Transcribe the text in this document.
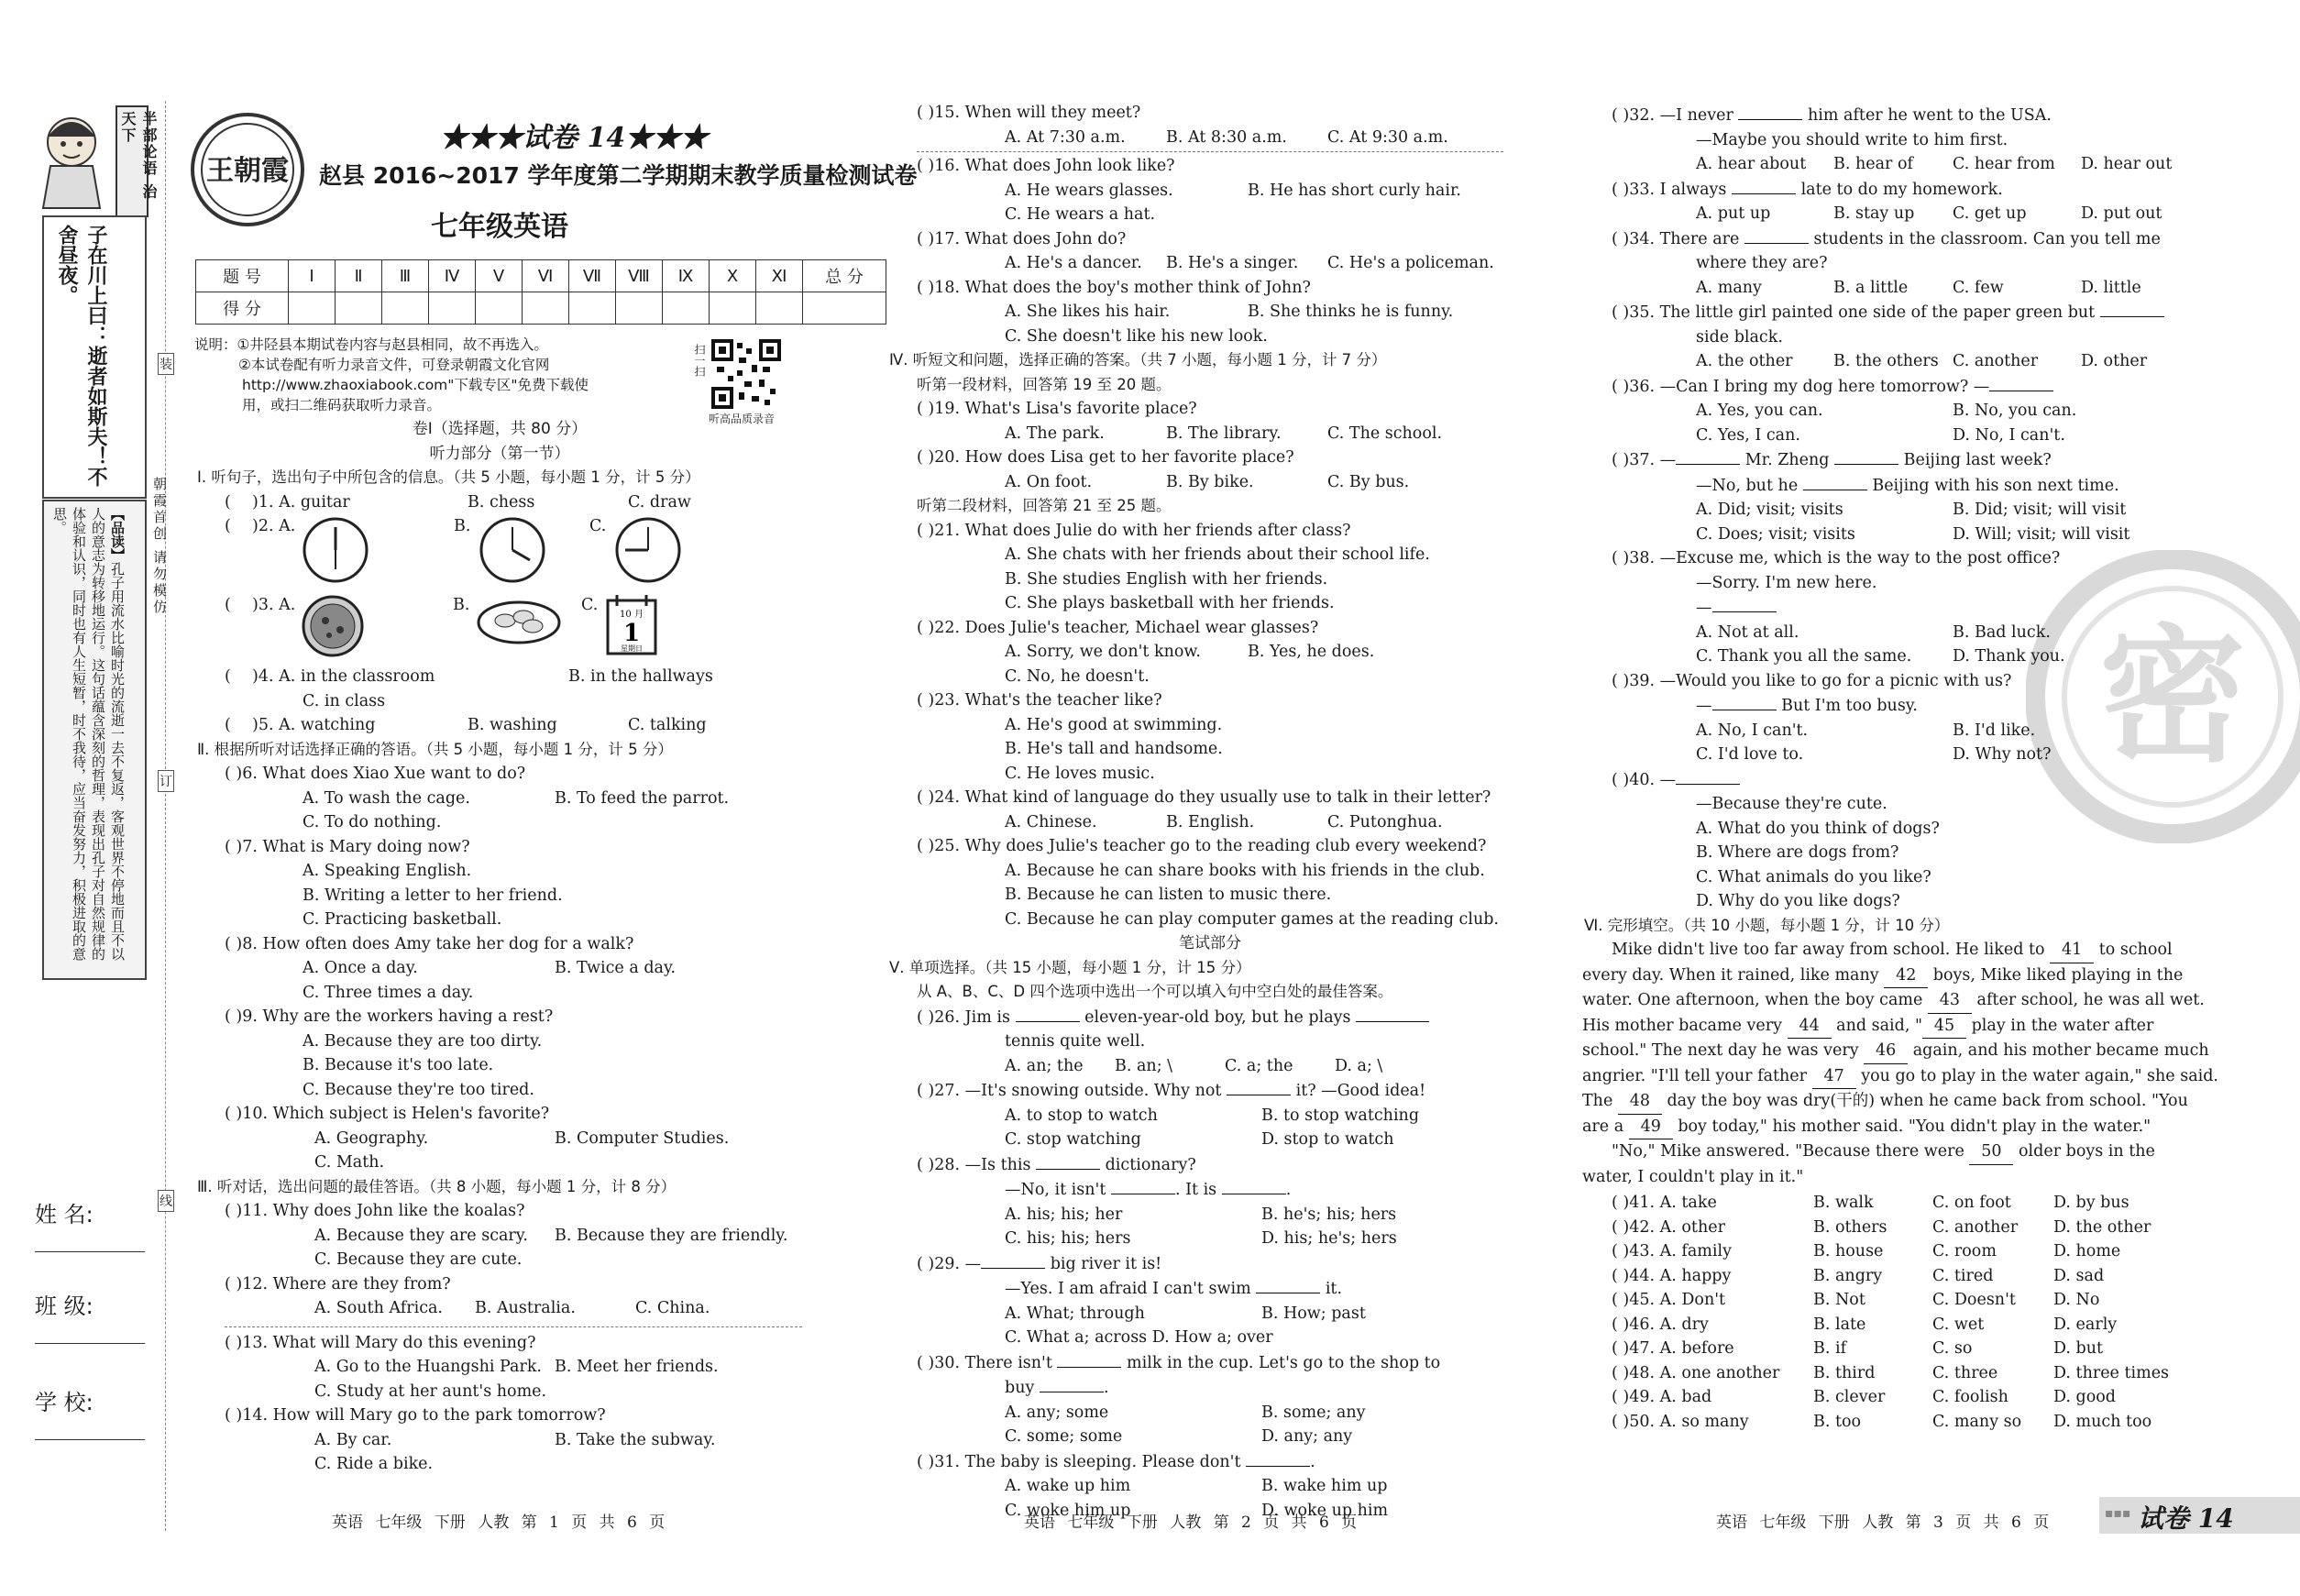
半部论语 治天下
子在川上曰：逝者如斯夫！不舍昼夜。
【品读】孔子用流水比喻时光的流逝一去不复返，客观世界不停地而且不以人的意志为转移地运行。这句话蕴含深刻的哲理，表现出孔子对自然规律的体验和认识，同时也有人生短暂，时不我待，应当奋发努力，积极进取的意思。
姓 名:
班 级:
学 校:
装
订
线
朝霞首创 请勿模仿
王朝霞
★★★试卷 14★★★
赵县 2016~2017 学年度第二学期期末教学质量检测试卷
七年级英语
题 号	Ⅰ	Ⅱ	Ⅲ	Ⅳ	Ⅴ	Ⅵ	Ⅶ	Ⅷ	Ⅸ	Ⅹ	Ⅺ	总 分
得 分												
说明：①井陉县本期试卷内容与赵县相同，故不再选入。
②本试卷配有听力录音文件，可登录朝霞文化官网
http://www.zhaoxiabook.com"下载专区"免费下载使
用，或扫二维码获取听力录音。
扫一扫
听高品质录音
卷Ⅰ（选择题，共 80 分）
听力部分（第一节）
Ⅰ. 听句子，选出句子中所包含的信息。（共 5 小题，每小题 1 分，计 5 分）
(	)1. A. guitar	B. chess	C. draw
(	)2. A.	B.	C.
(	)3. A.	B.	C.
10 月
1
星期日
(	)4. A. in the classroom	B. in the hallways
C. in class
(	)5. A. watching	B. washing	C. talking
Ⅱ. 根据所听对话选择正确的答语。（共 5 小题，每小题 1 分，计 5 分）
( )6. What does Xiao Xue want to do?
A. To wash the cage.	B. To feed the parrot.
C. To do nothing.
( )7. What is Mary doing now?
A. Speaking English.
B. Writing a letter to her friend.
C. Practicing basketball.
( )8. How often does Amy take her dog for a walk?
A. Once a day.	B. Twice a day.
C. Three times a day.
( )9. Why are the workers having a rest?
A. Because they are too dirty.
B. Because it's too late.
C. Because they're too tired.
( )10. Which subject is Helen's favorite?
A. Geography.	B. Computer Studies.
C. Math.
Ⅲ. 听对话，选出问题的最佳答语。（共 8 小题，每小题 1 分，计 8 分）
( )11. Why does John like the koalas?
A. Because they are scary.	B. Because they are friendly.
C. Because they are cute.
( )12. Where are they from?
A. South Africa.	B. Australia.	C. China.
( )13. What will Mary do this evening?
A. Go to the Huangshi Park. B. Meet her friends.
C. Study at her aunt's home.
( )14. How will Mary go to the park tomorrow?
A. By car.	B. Take the subway.
C. Ride a bike.
英语 七年级 下册 人教 第 1 页 共 6 页
( )15. When will they meet?
A. At 7:30 a.m.	B. At 8:30 a.m.	C. At 9:30 a.m.
( )16. What does John look like?
A. He wears glasses.	B. He has short curly hair.
C. He wears a hat.
( )17. What does John do?
A. He's a dancer.	B. He's a singer.	C. He's a policeman.
( )18. What does the boy's mother think of John?
A. She likes his hair.	B. She thinks he is funny.
C. She doesn't like his new look.
Ⅳ. 听短文和问题，选择正确的答案。（共 7 小题，每小题 1 分，计 7 分）
听第一段材料，回答第 19 至 20 题。
( )19. What's Lisa's favorite place?
A. The park.	B. The library.	C. The school.
( )20. How does Lisa get to her favorite place?
A. On foot.	B. By bike.	C. By bus.
听第二段材料，回答第 21 至 25 题。
( )21. What does Julie do with her friends after class?
A. She chats with her friends about their school life.
B. She studies English with her friends.
C. She plays basketball with her friends.
( )22. Does Julie's teacher, Michael wear glasses?
A. Sorry, we don't know.	B. Yes, he does.
C. No, he doesn't.
( )23. What's the teacher like?
A. He's good at swimming.
B. He's tall and handsome.
C. He loves music.
( )24. What kind of language do they usually use to talk in their letter?
A. Chinese.	B. English.	C. Putonghua.
( )25. Why does Julie's teacher go to the reading club every weekend?
A. Because he can share books with his friends in the club.
B. Because he can listen to music there.
C. Because he can play computer games at the reading club.
笔试部分
Ⅴ. 单项选择。（共 15 小题，每小题 1 分，计 15 分）
从 A、B、C、D 四个选项中选出一个可以填入句中空白处的最佳答案。
( )26. Jim is	eleven-year-old boy, but he plays
tennis quite well.
A. an; the	B. an; \	C. a; the	D. a; \
( )27. —It's snowing outside. Why not	it? —Good idea!
A. to stop to watch	B. to stop watching
C. stop watching	D. stop to watch
( )28. —Is this	dictionary?
—No, it isn't	. It is	.
A. his; his; her	B. he's; his; hers
C. his; his; hers	D. his; he's; hers
( )29. —	big river it is!
—Yes. I am afraid I can't swim	it.
A. What; through	B. How; past
C. What a; across D. How a; over
( )30. There isn't	milk in the cup. Let's go to the shop to
buy	.
A. any; some	B. some; any
C. some; some	D. any; any
( )31. The baby is sleeping. Please don't	.
A. wake up him	B. wake him up
C. woke him up	D. woke up him
英语 七年级 下册 人教 第 2 页 共 6 页
密
( )32. —I never	him after he went to the USA.
—Maybe you should write to him first.
A. hear about	B. hear of	C. hear from	D. hear out
( )33. I always	late to do my homework.
A. put up	B. stay up	C. get up	D. put out
( )34. There are	students in the classroom. Can you tell me
where they are?
A. many	B. a little	C. few	D. little
( )35. The little girl painted one side of the paper green but
side black.
A. the other	B. the others C. another	D. other
( )36. —Can I bring my dog here tomorrow? —
A. Yes, you can.	B. No, you can.
C. Yes, I can.	D. No, I can't.
( )37. —	Mr. Zheng	Beijing last week?
—No, but he	Beijing with his son next time.
A. Did; visit; visits	B. Did; visit; will visit
C. Does; visit; visits	D. Will; visit; will visit
( )38. —Excuse me, which is the way to the post office?
—Sorry. I'm new here.
—
A. Not at all.	B. Bad luck.
C. Thank you all the same.	D. Thank you.
( )39. —Would you like to go for a picnic with us?
—	But I'm too busy.
A. No, I can't.	B. I'd like.
C. I'd love to.	D. Why not?
( )40. —
—Because they're cute.
A. What do you think of dogs?
B. Where are dogs from?
C. What animals do you like?
D. Why do you like dogs?
Ⅵ. 完形填空。（共 10 小题，每小题 1 分，计 10 分）
Mike didn't live too far away from school. He liked to 41 to school
every day. When it rained, like many 42 boys, Mike liked playing in the
water. One afternoon, when the boy came 43 after school, he was all wet.
His mother bacame very 44 and said, " 45 play in the water after
school." The next day he was very 46 again, and his mother became much
angrier. "I'll tell your father 47 you go to play in the water again," she said.
The 48 day the boy was dry(干的) when he came back from school. "You
are a 49 boy today," his mother said. "You didn't play in the water."
"No," Mike answered. "Because there were 50 older boys in the
water, I couldn't play in it."
( )41. A. take	B. walk	C. on foot	D. by bus
( )42. A. other	B. others	C. another	D. the other
( )43. A. family	B. house	C. room	D. home
( )44. A. happy	B. angry	C. tired	D. sad
( )45. A. Don't	B. Not	C. Doesn't	D. No
( )46. A. dry	B. late	C. wet	D. early
( )47. A. before	B. if	C. so	D. but
( )48. A. one another	B. third	C. three	D. three times
( )49. A. bad	B. clever	C. foolish	D. good
( )50. A. so many	B. too	C. many so	D. much too
英语 七年级 下册 人教 第 3 页 共 6 页	▪▪▪ 试卷 14
